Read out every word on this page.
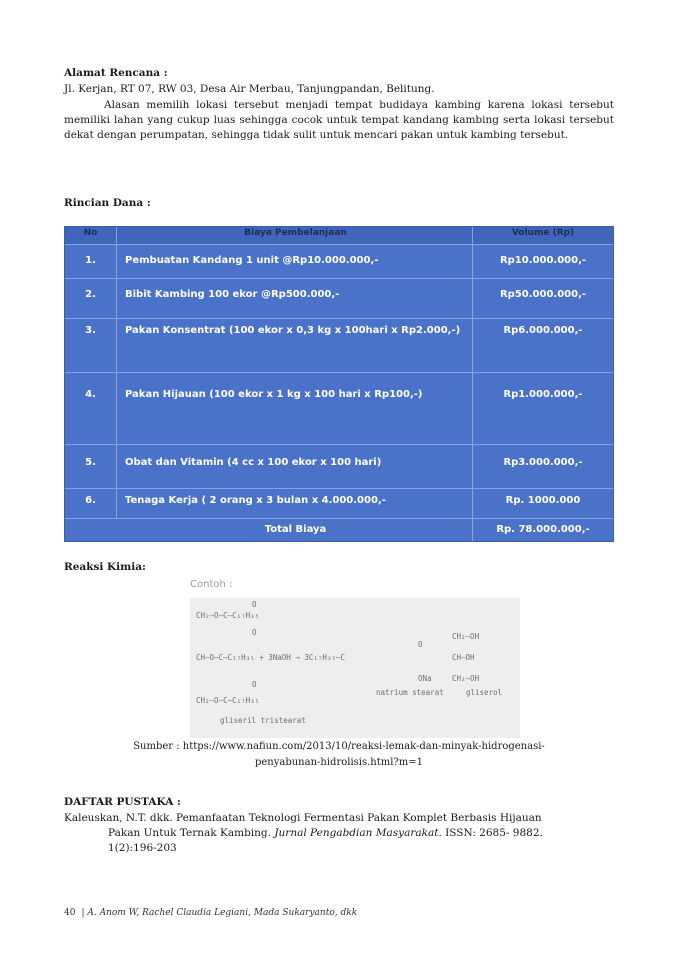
Alamat Rencana :
Jl. Kerjan, RT 07, RW 03, Desa Air Merbau, Tanjungpandan, Belitung.
Alasan memilih lokasi tersebut menjadi tempat budidaya kambing karena lokasi tersebut memiliki lahan yang cukup luas sehingga cocok untuk tempat kandang kambing serta lokasi tersebut dekat dengan perumpatan, sehingga tidak sulit untuk mencari pakan untuk kambing tersebut.
Rincian Dana :
No	Biaya Pembelanjaan	Volume (Rp)
1.	Pembuatan Kandang 1 unit @Rp10.000.000,-	Rp10.000.000,-
2.	Bibit Kambing 100 ekor @Rp500.000,-	Rp50.000.000,-
3.	Pakan Konsentrat (100 ekor x 0,3 kg x 100hari x Rp2.000,-)	Rp6.000.000,-
4.	Pakan Hijauan (100 ekor x 1 kg x 100 hari x Rp100,-)	Rp1.000.000,-
5.	Obat dan Vitamin (4 cc x 100 ekor x 100 hari)	Rp3.000.000,-
6.	Tenaga Kerja ( 2 orang x 3 bulan x 4.000.000,-	Rp. 1000.000
Total Biaya	Rp. 78.000.000,-
Reaksi Kimia:
Contoh :
O
CH₂—O—C—C₁₇H₃₅
O
CH—O—C—C₁₇H₃₅ + 3NaOH → 3C₁₇H₃₅—C
O
CH₂—O—C—C₁₇H₃₅
gliseril tristearat
O
ONa
natrium stearat
CH₂—OH
CH—OH
CH₂—OH
gliserol
Sumber : https://www.nafiun.com/2013/10/reaksi-lemak-dan-minyak-hidrogenasi-
penyabunan-hidrolisis.html?m=1
DAFTAR PUSTAKA :
Kaleuskan, N.T. dkk. Pemanfaatan Teknologi Fermentasi Pakan Komplet Berbasis Hijauan
Pakan Untuk Ternak Kambing. Jurnal Pengabdian Masyarakat. ISSN: 2685- 9882.
1(2):196-203
40 | A. Anom W, Rachel Claudia Legiani, Mada Sukaryanto, dkk
